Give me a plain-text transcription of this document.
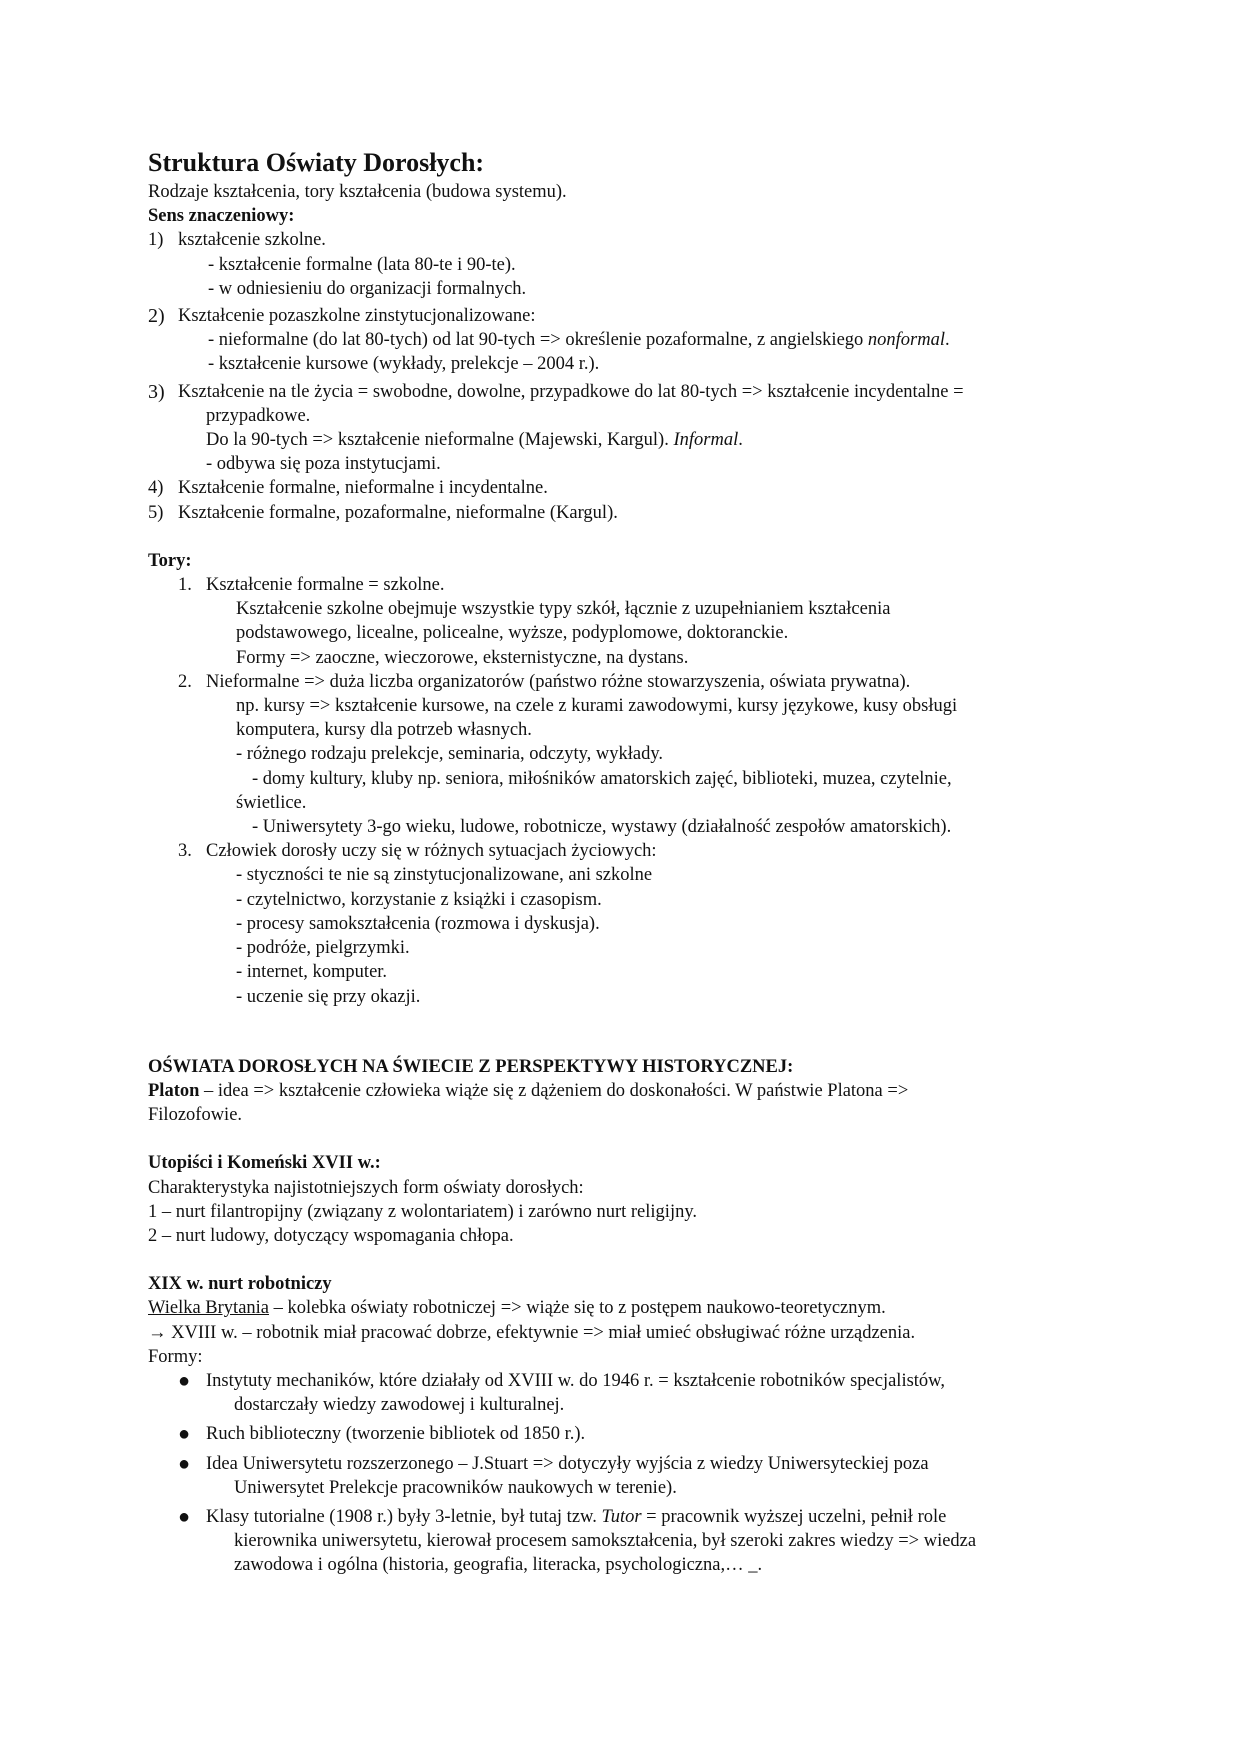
Struktura Oświaty Dorosłych:
Rodzaje kształcenia, tory kształcenia (budowa systemu).
Sens znaczeniowy:
1) kształcenie szkolne.
- kształcenie formalne (lata 80-te i 90-te).
- w odniesieniu do organizacji formalnych.
2) Kształcenie pozaszkolne zinstytucjonalizowane:
- nieformalne (do lat 80-tych) od lat 90-tych => określenie pozaformalne, z angielskiego nonformal.
- kształcenie kursowe (wykłady, prelekcje – 2004 r.).
3) Kształcenie na tle życia = swobodne, dowolne, przypadkowe do lat 80-tych => kształcenie incydentalne =
przypadkowe.
Do la 90-tych => kształcenie nieformalne (Majewski, Kargul). Informal.
- odbywa się poza instytucjami.
4) Kształcenie formalne, nieformalne i incydentalne.
5) Kształcenie formalne, pozaformalne, nieformalne (Kargul).
Tory:
1. Kształcenie formalne = szkolne.
Kształcenie szkolne obejmuje wszystkie typy szkół, łącznie z uzupełnianiem kształcenia
podstawowego, licealne, policealne, wyższe, podyplomowe, doktoranckie.
Formy => zaoczne, wieczorowe, eksternistyczne, na dystans.
2. Nieformalne => duża liczba organizatorów (państwo różne stowarzyszenia, oświata prywatna).
np. kursy => kształcenie kursowe, na czele z kurami zawodowymi, kursy językowe, kusy obsługi
komputera, kursy dla potrzeb własnych.
- różnego rodzaju prelekcje, seminaria, odczyty, wykłady.
- domy kultury, kluby np. seniora, miłośników amatorskich zajęć, biblioteki, muzea, czytelnie,
świetlice.
- Uniwersytety 3-go wieku, ludowe, robotnicze, wystawy (działalność zespołów amatorskich).
3. Człowiek dorosły uczy się w różnych sytuacjach życiowych:
- styczności te nie są zinstytucjonalizowane, ani szkolne
- czytelnictwo, korzystanie z książki i czasopism.
- procesy samokształcenia (rozmowa i dyskusja).
- podróże, pielgrzymki.
- internet, komputer.
- uczenie się przy okazji.
OŚWIATA DOROSŁYCH NA ŚWIECIE Z PERSPEKTYWY HISTORYCZNEJ:
Platon – idea => kształcenie człowieka wiąże się z dążeniem do doskonałości. W państwie Platona =>
Filozofowie.
Utopiści i Komeński XVII w.:
Charakterystyka najistotniejszych form oświaty dorosłych:
1 – nurt filantropijny (związany z wolontariatem) i zarówno nurt religijny.
2 – nurt ludowy, dotyczący wspomagania chłopa.
XIX w. nurt robotniczy
Wielka Brytania – kolebka oświaty robotniczej => wiąże się to z postępem naukowo-teoretycznym.
→ XVIII w. – robotnik miał pracować dobrze, efektywnie => miał umieć obsługiwać różne urządzenia.
Formy:
● Instytuty mechaników, które działały od XVIII w. do 1946 r. = kształcenie robotników specjalistów,
dostarczały wiedzy zawodowej i kulturalnej.
● Ruch biblioteczny (tworzenie bibliotek od 1850 r.).
● Idea Uniwersytetu rozszerzonego – J.Stuart => dotyczyły wyjścia z wiedzy Uniwersyteckiej poza
Uniwersytet Prelekcje pracowników naukowych w terenie).
● Klasy tutorialne (1908 r.) były 3-letnie, był tutaj tzw. Tutor = pracownik wyższej uczelni, pełnił role
kierownika uniwersytetu, kierował procesem samokształcenia, był szeroki zakres wiedzy => wiedza
zawodowa i ogólna (historia, geografia, literacka, psychologiczna,… _.
